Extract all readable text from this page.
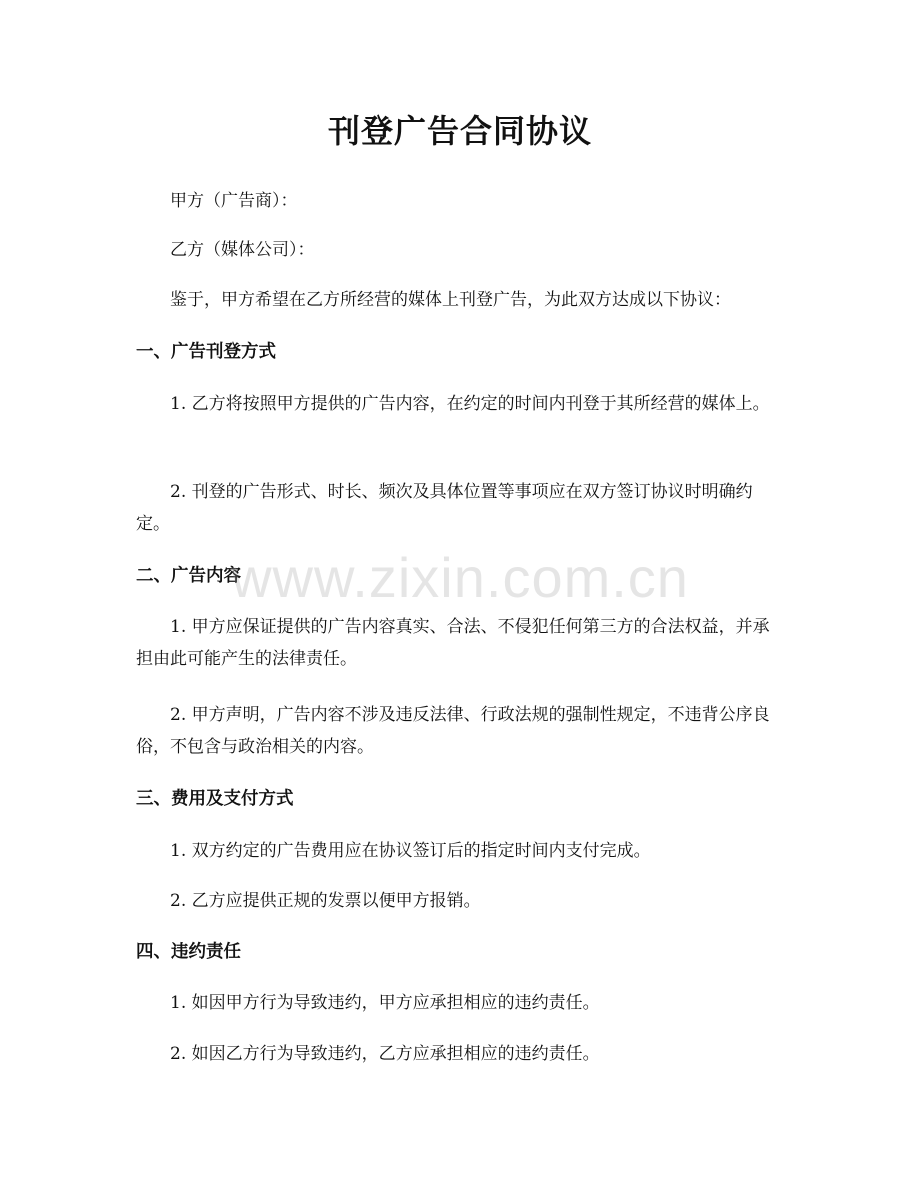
刊登广告合同协议

甲方（广告商）：

乙方（媒体公司）：

鉴于，甲方希望在乙方所经营的媒体上刊登广告，为此双方达成以下协议：

一、广告刊登方式

1. 乙方将按照甲方提供的广告内容，在约定的时间内刊登于其所经营的媒体上。

2. 刊登的广告形式、时长、频次及具体位置等事项应在双方签订协议时明确约定。

二、广告内容

1. 甲方应保证提供的广告内容真实、合法、不侵犯任何第三方的合法权益，并承担由此可能产生的法律责任。

2. 甲方声明，广告内容不涉及违反法律、行政法规的强制性规定，不违背公序良俗，不包含与政治相关的内容。

三、费用及支付方式

1. 双方约定的广告费用应在协议签订后的指定时间内支付完成。

2. 乙方应提供正规的发票以便甲方报销。

四、违约责任

1. 如因甲方行为导致违约，甲方应承担相应的违约责任。

2. 如因乙方行为导致违约，乙方应承担相应的违约责任。

www.zixin.com.cn
